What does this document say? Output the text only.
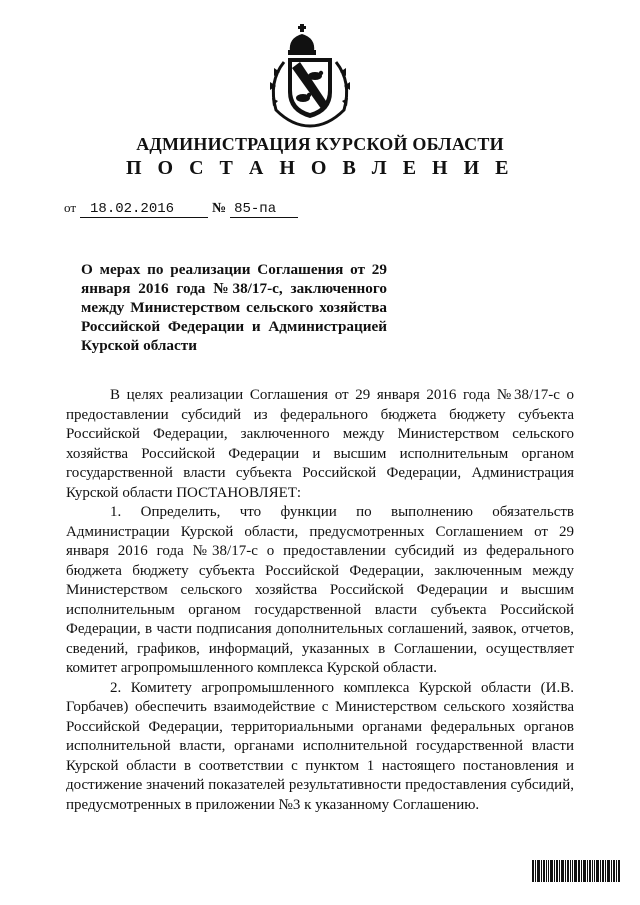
АДМИНИСТРАЦИЯ КУРСКОЙ ОБЛАСТИ
П О С Т А Н О В Л Е Н И Е
от 18.02.2016	№ 85-па
О мерах по реализации Соглашения от 29 января 2016 года №38/17-с, заключенного между Министерством сельского хозяйства Российской Федерации и Администрацией Курской области

В целях реализации Соглашения от 29 января 2016 года №38/17-с о предоставлении субсидий из федерального бюджета бюджету субъекта Российской Федерации, заключенного между Министерством сельского хозяйства Российской Федерации и высшим исполнительным органом государственной власти субъекта Российской Федерации, Администрация Курской области ПОСТАНОВЛЯЕТ:

1. Определить, что функции по выполнению обязательств Администрации Курской области, предусмотренных Соглашением от 29 января 2016 года №38/17-с о предоставлении субсидий из федерального бюджета бюджету субъекта Российской Федерации, заключенным между Министерством сельского хозяйства Российской Федерации и высшим исполнительным органом государственной власти субъекта Российской Федерации, в части подписания дополнительных соглашений, заявок, отчетов, сведений, графиков, информаций, указанных в Соглашении, осуществляет комитет агропромышленного комплекса Курской области.

2. Комитету агропромышленного комплекса Курской области (И.В. Горбачев) обеспечить взаимодействие с Министерством сельского хозяйства Российской Федерации, территориальными органами федеральных органов исполнительной власти, органами исполнительной государственной власти Курской области в соответствии с пунктом 1 настоящего постановления и достижение значений показателей результативности предоставления субсидий, предусмотренных в приложении №3 к указанному Соглашению.
